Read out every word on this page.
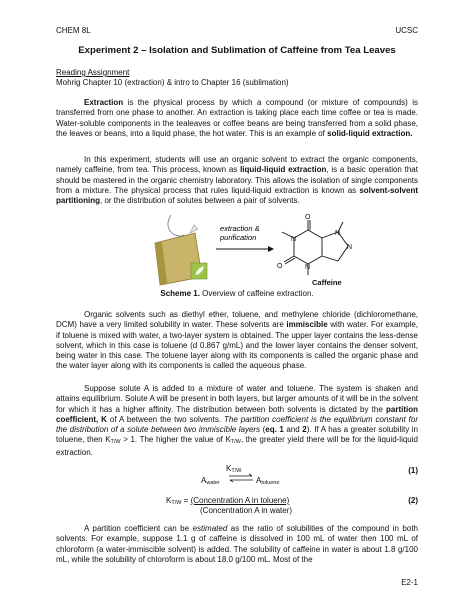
CHEM 8L	UCSC
Experiment 2 – Isolation and Sublimation of Caffeine from Tea Leaves
Reading Assignment
Mohrig Chapter 10 (extraction) & intro to Chapter 16 (sublimation)
Extraction is the physical process by which a compound (or mixture of compounds) is transferred from one phase to another. An extraction is taking place each time coffee or tea is made. Water-soluble components in the tealeaves or coffee beans are being transferred from a solid phase, the leaves or beans, into a liquid phase, the hot water. This is an example of solid-liquid extraction.
In this experiment, students will use an organic solvent to extract the organic components, namely caffeine, from tea. This process, known as liquid-liquid extraction, is a basic operation that should be mastered in the organic chemistry laboratory. This allows the isolation of single components from a mixture. The physical process that rules liquid-liquid extraction is known as solvent-solvent partitioning, or the distribution of solutes between a pair of solvents.
extraction &
purification
O
O
N
N
N
N
Caffeine
Scheme 1. Overview of caffeine extraction.
Organic solvents such as diethyl ether, toluene, and methylene chloride (dichloromethane, DCM) have a very limited solubility in water. These solvents are immiscible with water. For example, if toluene is mixed with water, a two-layer system is obtained. The upper layer contains the less-dense solvent, which in this case is toluene (d 0.867 g/mL) and the lower layer contains the denser solvent, being water in this case. The toluene layer along with its components is called the organic phase and the water layer along with its components is called the aqueous phase.
Suppose solute A is added to a mixture of water and toluene. The system is shaken and attains equilibrium. Solute A will be present in both layers, but larger amounts of it will be in the solvent for which it has a higher affinity. The distribution between both solvents is dictated by the partition coefficient, K of A between the two solvents. The partition coefficient is the equilibrium constant for the distribution of a solute between two immiscible layers (eq. 1 and 2). If A has a greater solubility in toluene, then $K_{T/W} > 1$. The higher the value of $K_{T/W}$, the greater yield there will be for the liquid-liquid extraction.
$K_{T/W}$
$A_{water}$ ⇌ $A_{toluene}$
(1)
$K_{T/W}$ = (Concentration A in toluene)
(Concentration A in water)
(2)
A partition coefficient can be estimated as the ratio of solubilities of the compound in both solvents. For example, suppose 1.1 g of caffeine is dissolved in 100 mL of water then 100 mL of chloroform (a water-immiscible solvent) is added. The solubility of caffeine in water is about 1.8 g/100 mL, while the solubility of chloroform is about 18.0 g/100 mL. Most of the
E2-1
